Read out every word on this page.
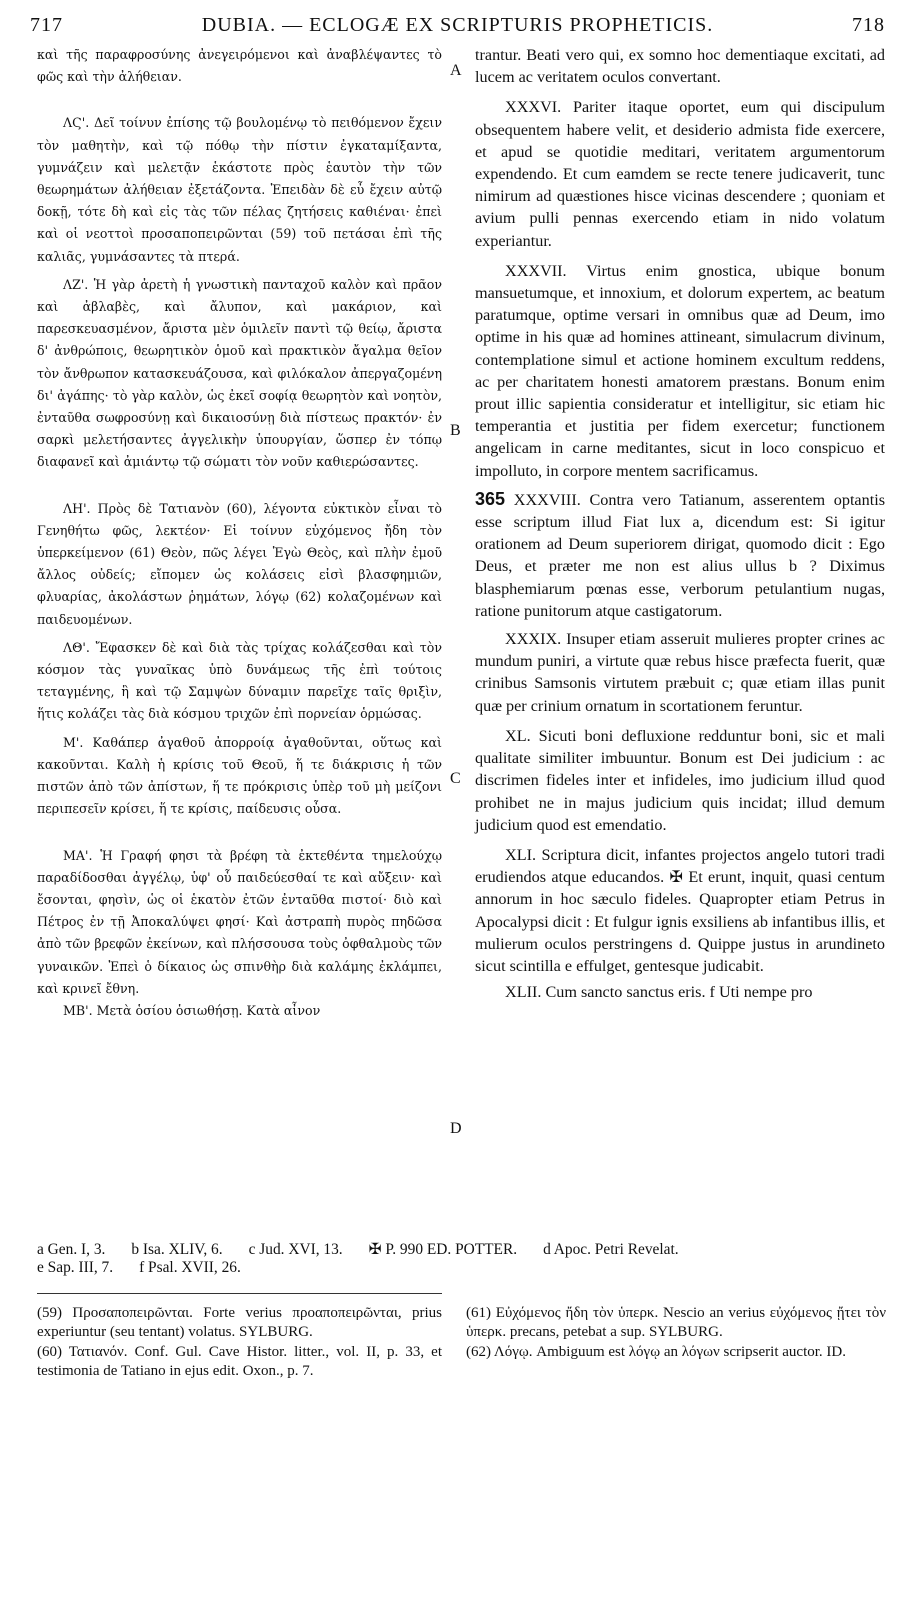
717	DUBIA. — ECLOGÆ EX SCRIPTURIS PROPHETICIS.	718
A
B
C
D

καὶ τῆς παραφροσύνης ἀνεγειρόμενοι καὶ ἀναβλέψαντες τὸ φῶς καὶ τὴν ἀλήθειαν.

ΛϚ'. Δεῖ τοίνυν ἐπίσης τῷ βουλομένῳ τὸ πειθόμενον ἔχειν τὸν μαθητὴν, καὶ τῷ πόθῳ τὴν πίστιν ἐγκαταμίξαντα, γυμνάζειν καὶ μελετᾷν ἑκάστοτε πρὸς ἑαυτὸν τὴν τῶν θεωρημάτων ἀλήθειαν ἐξετάζοντα. Ἐπειδὰν δὲ εὖ ἔχειν αὐτῷ δοκῇ, τότε δὴ καὶ εἰς τὰς τῶν πέλας ζητήσεις καθιέναι· ἐπεὶ καὶ οἱ νεοττοὶ προσαποπειρῶνται (59) τοῦ πετάσαι ἐπὶ τῆς καλιᾶς, γυμνάσαντες τὰ πτερά.

ΛΖ'. Ἡ γὰρ ἀρετὴ ἡ γνωστικὴ πανταχοῦ καλὸν καὶ πρᾶον καὶ ἀβλαβὲς, καὶ ἄλυπον, καὶ μακάριον, καὶ παρεσκευασμένον, ἄριστα μὲν ὁμιλεῖν παντὶ τῷ θείῳ, ἄριστα δ' ἀνθρώποις, θεωρητικὸν ὁμοῦ καὶ πρακτικὸν ἄγαλμα θεῖον τὸν ἄνθρωπον κατασκευάζουσα, καὶ φιλόκαλον ἀπεργαζομένη δι' ἀγάπης· τὸ γὰρ καλὸν, ὡς ἐκεῖ σοφίᾳ θεωρητὸν καὶ νοητὸν, ἐνταῦθα σωφροσύνῃ καὶ δικαιοσύνῃ διὰ πίστεως πρακτόν· ἐν σαρκὶ μελετήσαντες ἀγγελικὴν ὑπουργίαν, ὥσπερ ἐν τόπῳ διαφανεῖ καὶ ἀμιάντῳ τῷ σώματι τὸν νοῦν καθιερώσαντες.

ΛΗ'. Πρὸς δὲ Τατιανὸν (60), λέγοντα εὐκτικὸν εἶναι τὸ Γενηθήτω φῶς, λεκτέον· Εἰ τοίνυν εὐχόμενος ἤδη τὸν ὑπερκείμενον (61) Θεὸν, πῶς λέγει Ἐγὼ Θεὸς, καὶ πλὴν ἐμοῦ ἄλλος οὐδείς; εἴπομεν ὡς κολάσεις εἰσὶ βλασφημιῶν, φλυαρίας, ἀκολάστων ῥημάτων, λόγῳ (62) κολαζομένων καὶ παιδευομένων.

ΛΘ'. Ἔφασκεν δὲ καὶ διὰ τὰς τρίχας κολάζεσθαι καὶ τὸν κόσμον τὰς γυναῖκας ὑπὸ δυνάμεως τῆς ἐπὶ τούτοις τεταγμένης, ἣ καὶ τῷ Σαμψὼν δύναμιν παρεῖχε ταῖς θριξὶν, ἥτις κολάζει τὰς διὰ κόσμου τριχῶν ἐπὶ πορνείαν ὁρμώσας.

Μ'. Καθάπερ ἀγαθοῦ ἀπορροίᾳ ἀγαθοῦνται, οὕτως καὶ κακοῦνται. Καλὴ ἡ κρίσις τοῦ Θεοῦ, ἥ τε διάκρισις ἡ τῶν πιστῶν ἀπὸ τῶν ἀπίστων, ἥ τε πρόκρισις ὑπὲρ τοῦ μὴ μείζονι περιπεσεῖν κρίσει, ἥ τε κρίσις, παίδευσις οὖσα.

ΜΑ'. Ἡ Γραφή φησι τὰ βρέφη τὰ ἐκτεθέντα τημελούχῳ παραδίδοσθαι ἀγγέλῳ, ὑφ' οὗ παιδεύεσθαί τε καὶ αὔξειν· καὶ ἔσονται, φησὶν, ὡς οἱ ἑκατὸν ἐτῶν ἐνταῦθα πιστοί· διὸ καὶ Πέτρος ἐν τῇ Ἀποκαλύψει φησί· Καὶ ἀστραπὴ πυρὸς πηδῶσα ἀπὸ τῶν βρεφῶν ἐκείνων, καὶ πλήσσουσα τοὺς ὀφθαλμοὺς τῶν γυναικῶν. Ἐπεὶ ὁ δίκαιος ὡς σπινθὴρ διὰ καλάμης ἐκλάμπει, καὶ κρινεῖ ἔθνη.

ΜΒ'. Μετὰ ὁσίου ὁσιωθήσῃ. Κατὰ αἶνον

trantur. Beati vero qui, ex somno hoc dementiaque excitati, ad lucem ac veritatem oculos convertant.

XXXVI. Pariter itaque oportet, eum qui discipulum obsequentem habere velit, et desiderio admista fide exercere, et apud se quotidie meditari, veritatem argumentorum expendendo. Et cum eamdem se recte tenere judicaverit, tunc nimirum ad quæstiones hisce vicinas descendere ; quoniam et avium pulli pennas exercendo etiam in nido volatum experiantur.

XXXVII. Virtus enim gnostica, ubique bonum mansuetumque, et innoxium, et dolorum expertem, ac beatum paratumque, optime versari in omnibus quæ ad Deum, imo optime in his quæ ad homines attineant, simulacrum divinum, contemplatione simul et actione hominem excultum reddens, ac per charitatem honesti amatorem præstans. Bonum enim prout illic sapientia consideratur et intelligitur, sic etiam hic temperantia et justitia per fidem exercetur; functionem angelicam in carne meditantes, sicut in loco conspicuo et impolluto, in corpore mentem sacrificamus.

365 XXXVIII. Contra vero Tatianum, asserentem optantis esse scriptum illud Fiat lux a, dicendum est: Si igitur orationem ad Deum superiorem dirigat, quomodo dicit : Ego Deus, et præter me non est alius ullus b ? Diximus blasphemiarum pœnas esse, verborum petulantium nugas, ratione punitorum atque castigatorum.

XXXIX. Insuper etiam asseruit mulieres propter crines ac mundum puniri, a virtute quæ rebus hisce præfecta fuerit, quæ crinibus Samsonis virtutem præbuit c; quæ etiam illas punit quæ per crinium ornatum in scortationem feruntur.

XL. Sicuti boni defluxione redduntur boni, sic et mali qualitate similiter imbuuntur. Bonum est Dei judicium : ac discrimen fideles inter et infideles, imo judicium illud quod prohibet ne in majus judicium quis incidat; illud demum judicium quod est emendatio.

XLI. Scriptura dicit, infantes projectos angelo tutori tradi erudiendos atque educandos. ✠ Et erunt, inquit, quasi centum annorum in hoc sæculo fideles. Quapropter etiam Petrus in Apocalypsi dicit : Et fulgur ignis exsiliens ab infantibus illis, et mulierum oculos perstringens d. Quippe justus in arundineto sicut scintilla e effulget, gentesque judicabit.

XLII. Cum sancto sanctus eris. f Uti nempe pro

a Gen. I, 3. b Isa. XLIV, 6. c Jud. XVI, 13. ✠ P. 990 ED. POTTER. d Apoc. Petri Revelat.

e Sap. III, 7. f Psal. XVII, 26.

(59) Προσαποπειρῶνται. Forte verius προαποπειρῶνται, prius experiuntur (seu tentant) volatus. SYLBURG.

(60) Τατιανόν. Conf. Gul. Cave Histor. litter., vol. II, p. 33, et testimonia de Tatiano in ejus edit. Oxon., p. 7.

(61) Εὐχόμενος ἤδη τὸν ὑπερκ. Nescio an verius εὐχόμενος ᾔτει τὸν ὑπερκ. precans, petebat a sup. SYLBURG.

(62) Λόγῳ. Ambiguum est λόγῳ an λόγων scripserit auctor. ID.
